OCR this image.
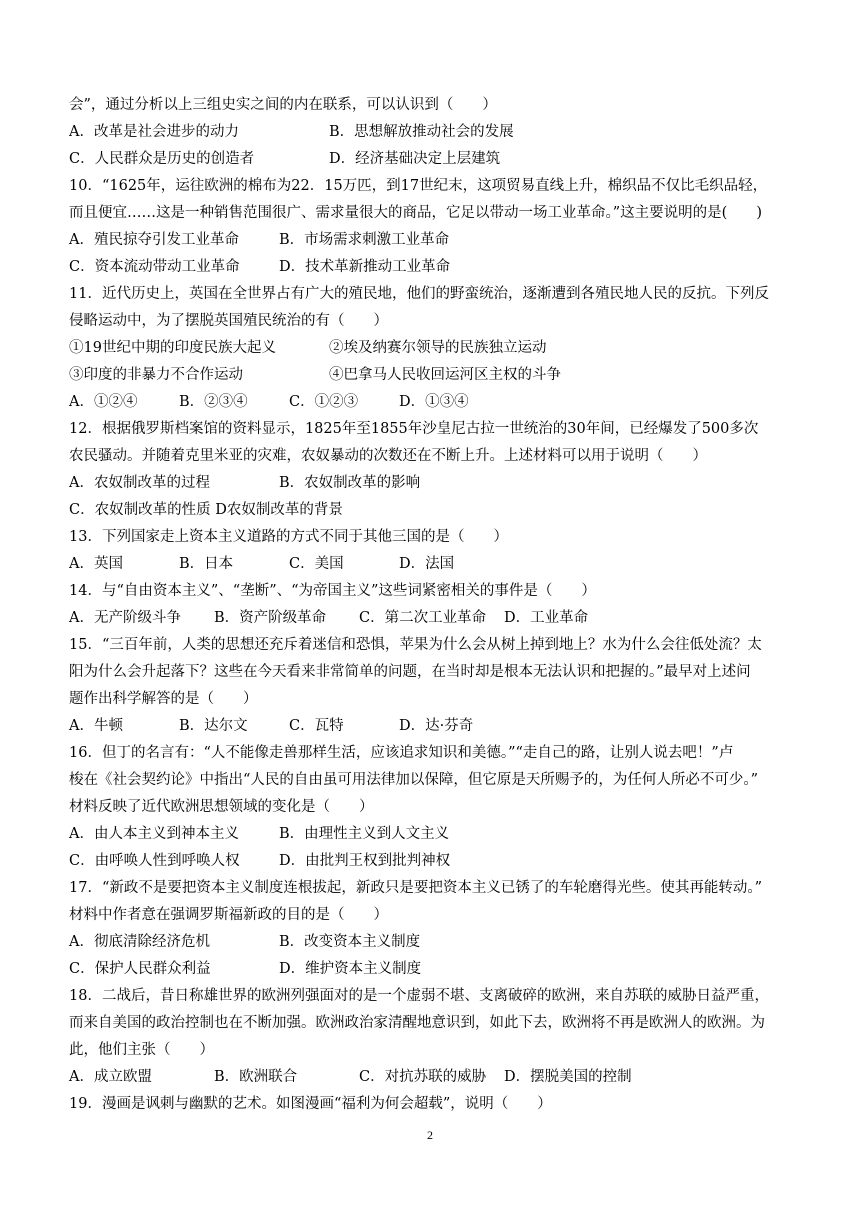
会”，通过分析以上三组史实之间的内在联系，可以认识到（　　）
A．改革是社会进步的动力	B．思想解放推动社会的发展
C．人民群众是历史的创造者	D．经济基础决定上层建筑
10．“1625年，运往欧洲的棉布为22．15万匹，到17世纪末，这项贸易直线上升，棉织品不仅比毛织品轻，
而且便宜……这是一种销售范围很广、需求量很大的商品，它足以带动一场工业革命。”这主要说明的是(　　)
A．殖民掠夺引发工业革命	B．市场需求刺激工业革命
C．资本流动带动工业革命	D．技术革新推动工业革命
11．近代历史上，英国在全世界占有广大的殖民地，他们的野蛮统治，逐渐遭到各殖民地人民的反抗。下列反
侵略运动中，为了摆脱英国殖民统治的有（　　）
①19世纪中期的印度民族大起义	②埃及纳赛尔领导的民族独立运动
③印度的非暴力不合作运动	④巴拿马人民收回运河区主权的斗争
A．①②④	B．②③④	C．①②③	D．①③④
12．根据俄罗斯档案馆的资料显示，1825年至1855年沙皇尼古拉一世统治的30年间，已经爆发了500多次
农民骚动。并随着克里米亚的灾难，农奴暴动的次数还在不断上升。上述材料可以用于说明（　　）
A．农奴制改革的过程	B．农奴制改革的影响
C．农奴制改革的性质 D农奴制改革的背景
13．下列国家走上资本主义道路的方式不同于其他三国的是（　　）
A．英国	B．日本	C．美国	D．法国
14．与“自由资本主义”、“垄断”、“为帝国主义”这些词紧密相关的事件是（　　）
A．无产阶级斗争	B．资产阶级革命	C．第二次工业革命	D．工业革命
15．“三百年前，人类的思想还充斥着迷信和恐惧，苹果为什么会从树上掉到地上？水为什么会往低处流？太
阳为什么会升起落下？这些在今天看来非常简单的问题，在当时却是根本无法认识和把握的。”最早对上述问
题作出科学解答的是（　　）
A．牛顿	B．达尔文	C．瓦特	D．达·芬奇
16．但丁的名言有：“人不能像走兽那样生活，应该追求知识和美德。”“走自己的路，让别人说去吧！”卢
梭在《社会契约论》中指出“人民的自由虽可用法律加以保障，但它原是天所赐予的，为任何人所必不可少。”
材料反映了近代欧洲思想领域的变化是（　　）
A．由人本主义到神本主义	B．由理性主义到人文主义
C．由呼唤人性到呼唤人权	D．由批判王权到批判神权
17．“新政不是要把资本主义制度连根拔起，新政只是要把资本主义已锈了的车轮磨得光些。使其再能转动。”
材料中作者意在强调罗斯福新政的目的是（　　）
A．彻底清除经济危机	B．改变资本主义制度
C．保护人民群众利益	D．维护资本主义制度
18．二战后，昔日称雄世界的欧洲列强面对的是一个虚弱不堪、支离破碎的欧洲，来自苏联的威胁日益严重，
而来自美国的政治控制也在不断加强。欧洲政治家清醒地意识到，如此下去，欧洲将不再是欧洲人的欧洲。为
此，他们主张（　　）
A．成立欧盟	B．欧洲联合	C．对抗苏联的威胁	D．摆脱美国的控制
19．漫画是讽刺与幽默的艺术。如图漫画“福利为何会超载”，说明（　　）
2
